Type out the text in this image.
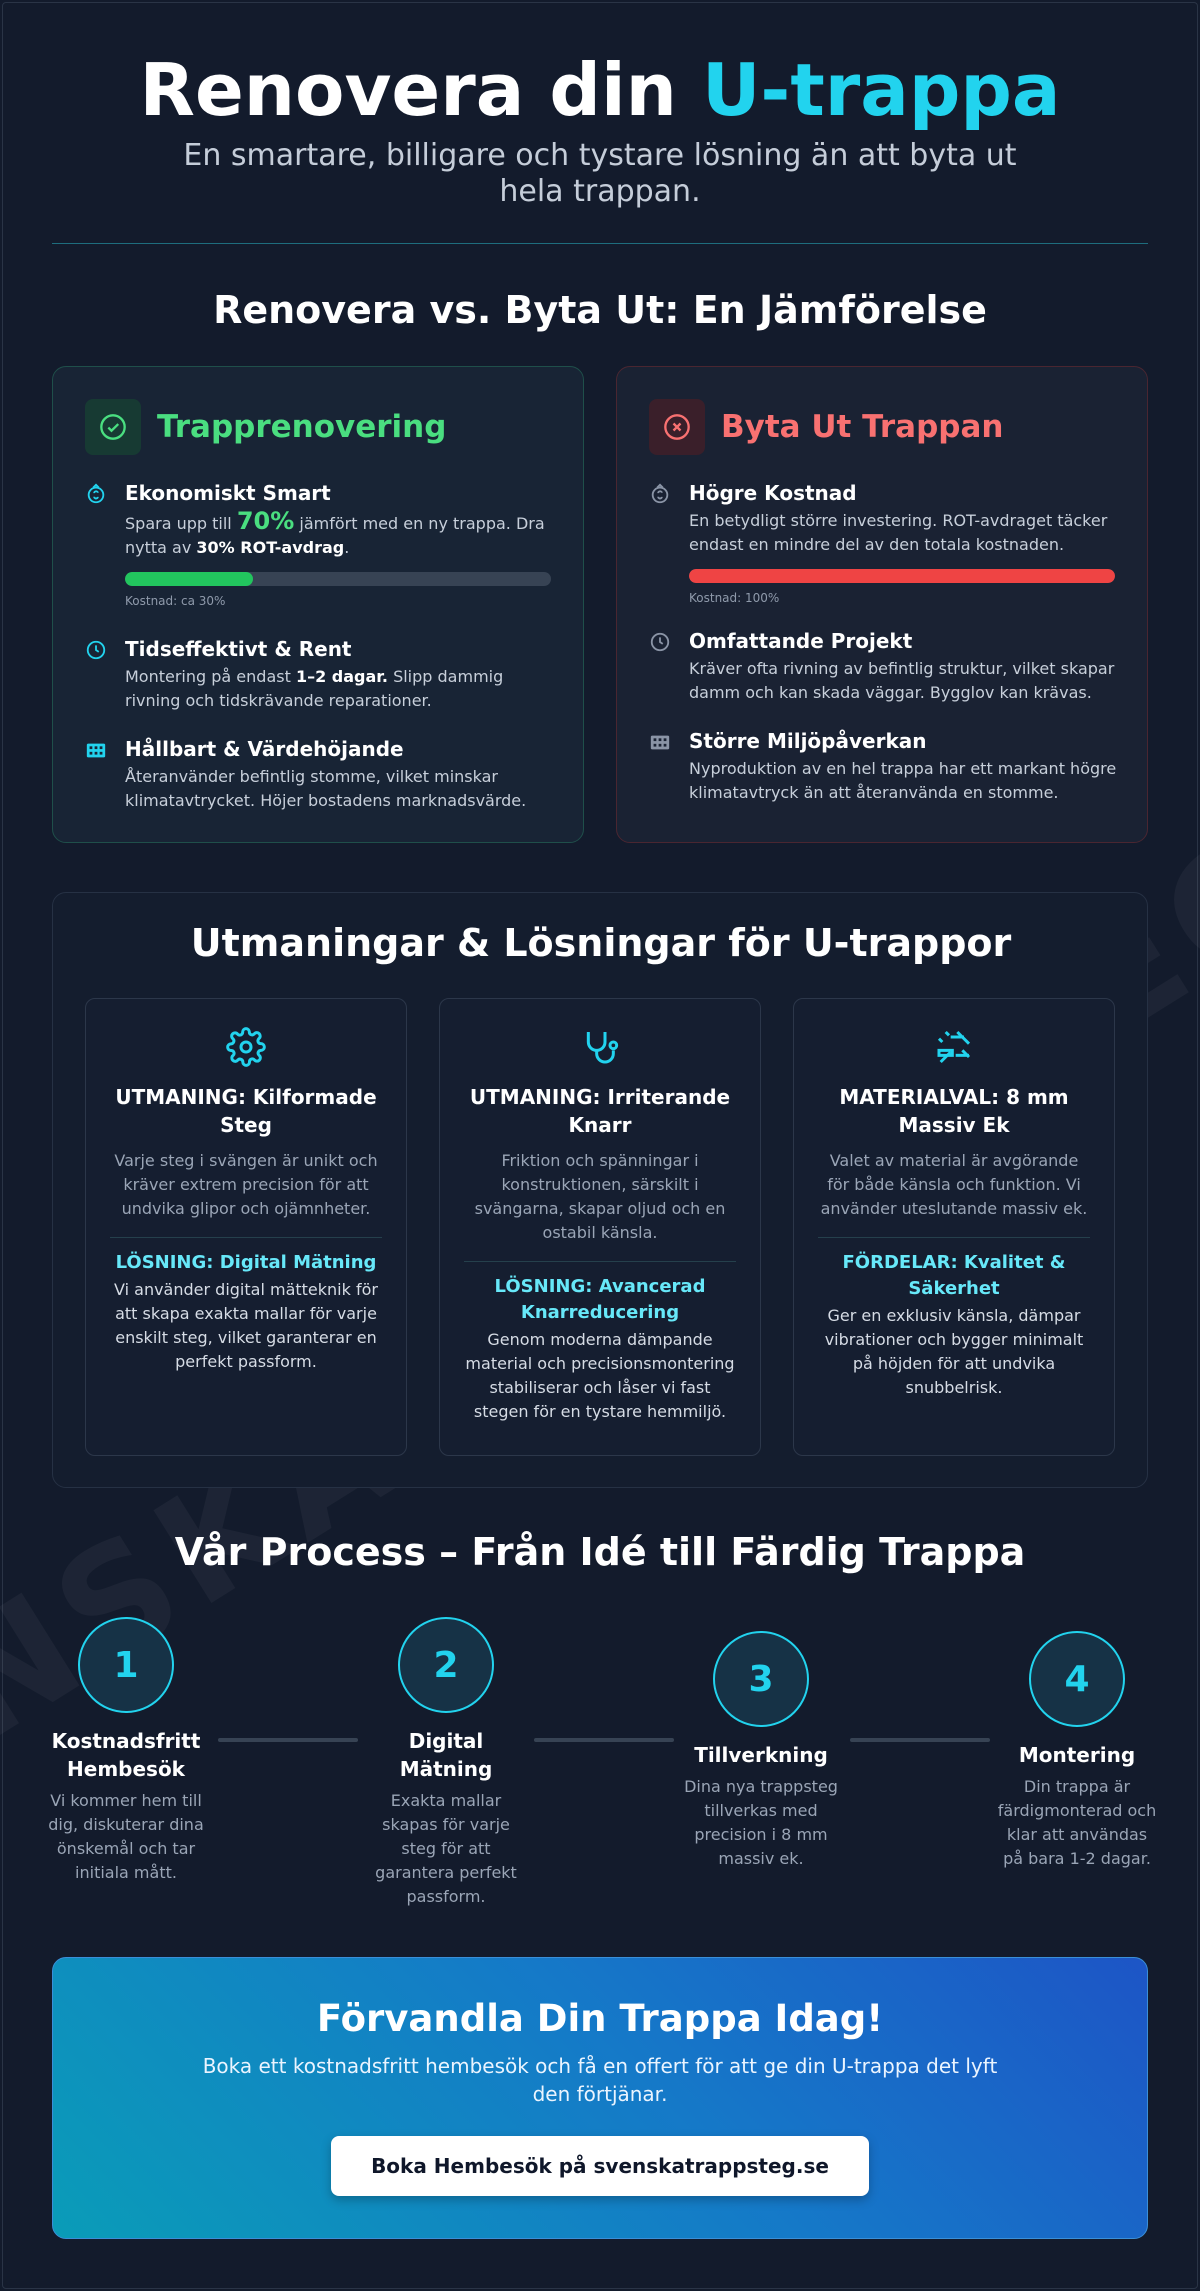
Renovera din U-trappa

En smartare, billigare och tystare lösning än att byta ut hela trappan.

Renovera vs. Byta Ut: En Jämförelse
Trapprenovering
Ekonomiskt Smart

Spara upp till 70% jämfört med en ny trappa. Dra nytta av 30% ROT-avdrag.

Kostnad: ca 30%
Tidseffektivt & Rent

Montering på endast 1–2 dagar. Slipp dammig rivning och tidskrävande reparationer.

Hållbart & Värdehöjande

Återanvänder befintlig stomme, vilket minskar klimatavtrycket. Höjer bostadens marknadsvärde.

Byta Ut Trappan
Högre Kostnad

En betydligt större investering. ROT-avdraget täcker endast en mindre del av den totala kostnaden.

Kostnad: 100%
Omfattande Projekt

Kräver ofta rivning av befintlig struktur, vilket skapar damm och kan skada väggar. Bygglov kan krävas.

Större Miljöpåverkan

Nyproduktion av en hel trappa har ett markant högre klimatavtryck än att återanvända en stomme.

Utmaningar & Lösningar för U-trappor
UTMANING: Kilformade Steg

Varje steg i svängen är unikt och kräver extrem precision för att undvika glipor och ojämnheter.

LÖSNING: Digital Mätning

Vi använder digital mätteknik för att skapa exakta mallar för varje enskilt steg, vilket garanterar en perfekt passform.

UTMANING: Irriterande Knarr

Friktion och spänningar i konstruktionen, särskilt i svängarna, skapar oljud och en ostabil känsla.

LÖSNING: Avancerad Knarreducering

Genom moderna dämpande material och precisionsmontering stabiliserar och låser vi fast stegen för en tystare hemmiljö.

MATERIALVAL: 8 mm Massiv Ek

Valet av material är avgörande för både känsla och funktion. Vi använder uteslutande massiv ek.

FÖRDELAR: Kvalitet & Säkerhet

Ger en exklusiv känsla, dämpar vibrationer och bygger minimalt på höjden för att undvika snubbelrisk.

Vår Process – Från Idé till Färdig Trappa
1
Kostnadsfritt Hembesök

Vi kommer hem till dig, diskuterar dina önskemål och tar initiala mått.

2
Digital Mätning

Exakta mallar skapas för varje steg för att garantera perfekt passform.

3
Tillverkning

Dina nya trappsteg tillverkas med precision i 8 mm massiv ek.

4
Montering

Din trappa är färdigmonterad och klar att användas på bara 1-2 dagar.

Förvandla Din Trappa Idag!

Boka ett kostnadsfritt hembesök och få en offert för att ge din U-trappa det lyft den förtjänar.

Boka Hembesök på svenskatrappsteg.se
